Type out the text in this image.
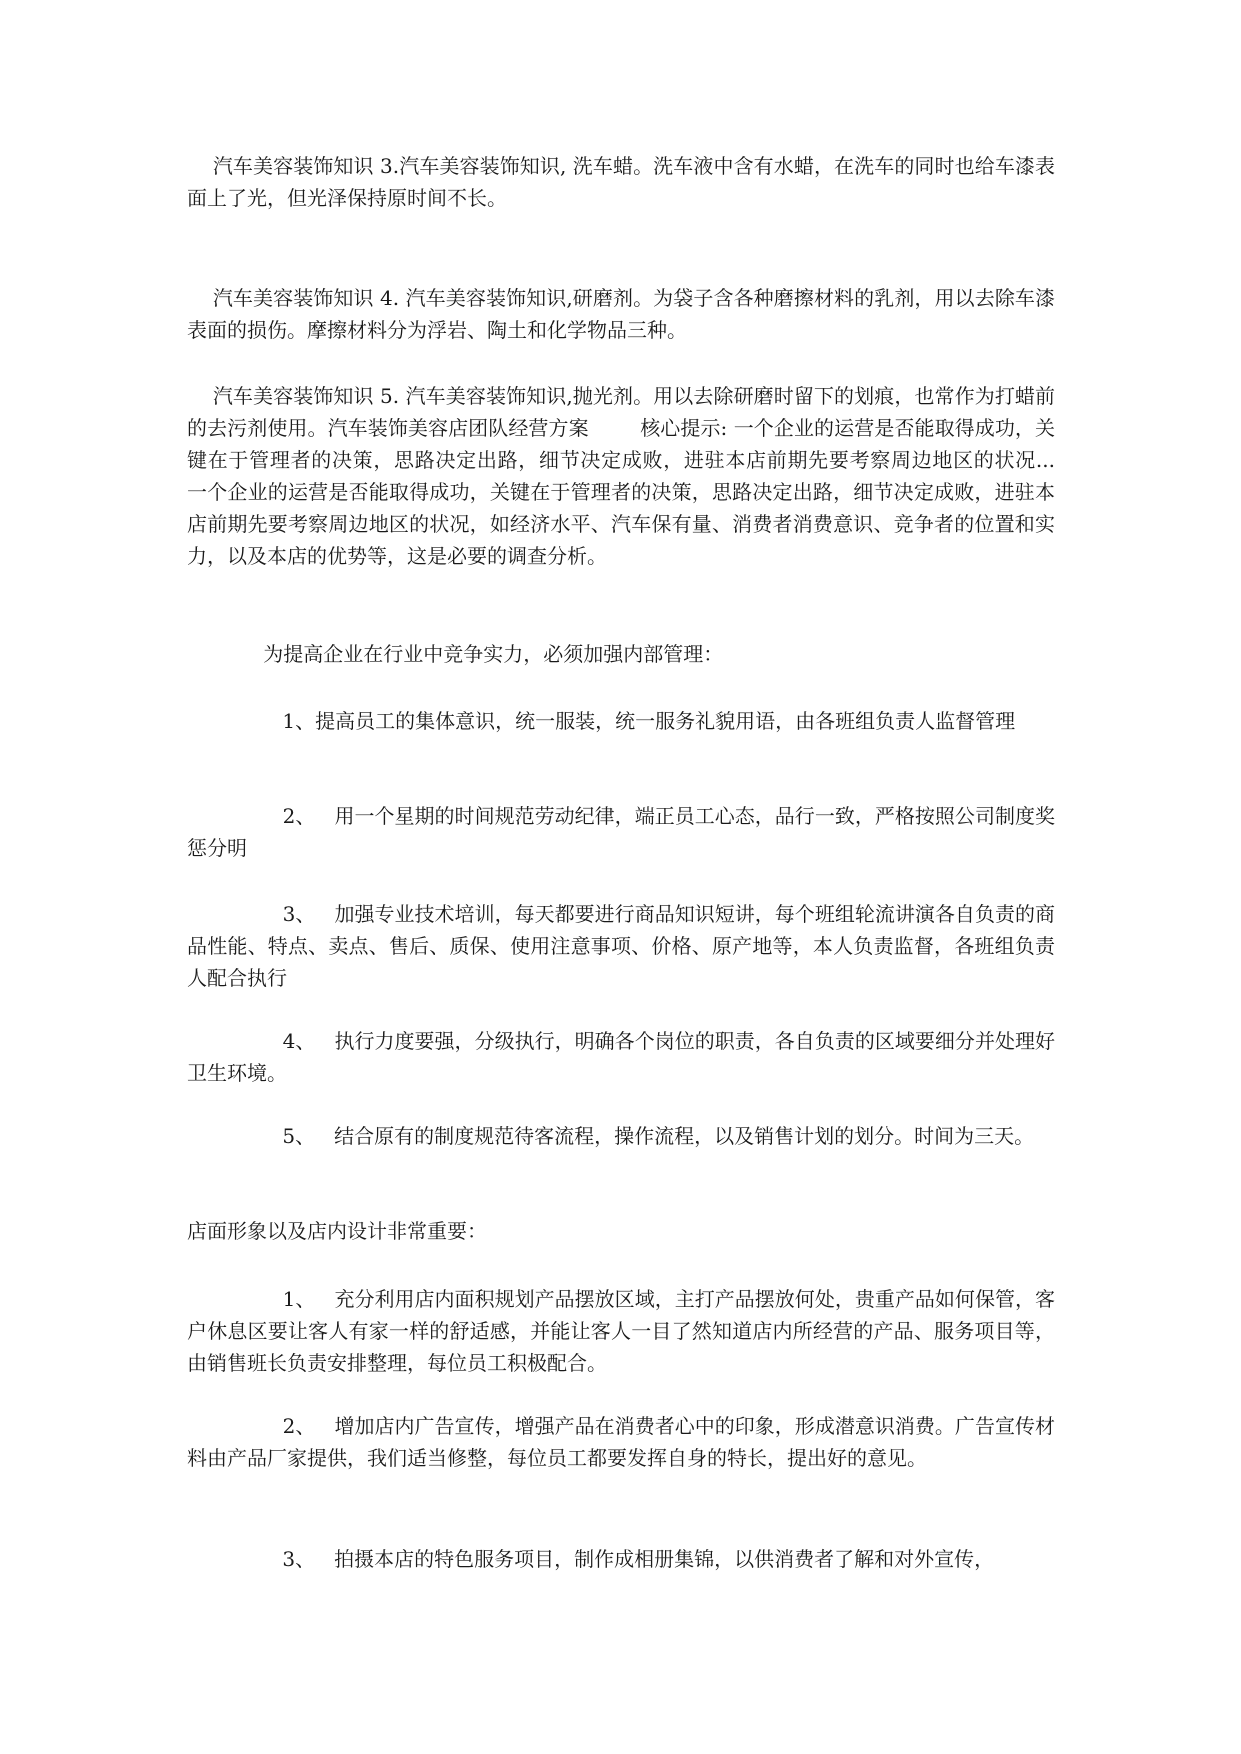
汽车美容装饰知识 3.汽车美容装饰知识, 洗车蜡。洗车液中含有水蜡，在洗车的同时也给车漆表面上了光，但光泽保持原时间不长。

汽车美容装饰知识 4. 汽车美容装饰知识,研磨剂。为袋子含各种磨擦材料的乳剂，用以去除车漆表面的损伤。摩擦材料分为浮岩、陶土和化学物品三种。

汽车美容装饰知识 5. 汽车美容装饰知识,抛光剂。用以去除研磨时留下的划痕，也常作为打蜡前的去污剂使用。汽车装饰美容店团队经营方案        核心提示: 一个企业的运营是否能取得成功，关键在于管理者的决策，思路决定出路，细节决定成败，进驻本店前期先要考察周边地区的状况...                一个企业的运营是否能取得成功，关键在于管理者的决策，思路决定出路，细节决定成败，进驻本店前期先要考察周边地区的状况，如经济水平、汽车保有量、消费者消费意识、竞争者的位置和实力，以及本店的优势等，这是必要的调查分析。

为提高企业在行业中竞争实力，必须加强内部管理：

1、提高员工的集体意识，统一服装，统一服务礼貌用语，由各班组负责人监督管理

2、   用一个星期的时间规范劳动纪律，端正员工心态，品行一致，严格按照公司制度奖惩分明

3、   加强专业技术培训，每天都要进行商品知识短讲，每个班组轮流讲演各自负责的商品性能、特点、卖点、售后、质保、使用注意事项、价格、原产地等，本人负责监督，各班组负责人配合执行

4、   执行力度要强，分级执行，明确各个岗位的职责，各自负责的区域要细分并处理好卫生环境。

5、   结合原有的制度规范待客流程，操作流程，以及销售计划的划分。时间为三天。

店面形象以及店内设计非常重要：

1、   充分利用店内面积规划产品摆放区域，主打产品摆放何处，贵重产品如何保管，客户休息区要让客人有家一样的舒适感，并能让客人一目了然知道店内所经营的产品、服务项目等，由销售班长负责安排整理，每位员工积极配合。

2、   增加店内广告宣传，增强产品在消费者心中的印象，形成潜意识消费。广告宣传材料由产品厂家提供，我们适当修整，每位员工都要发挥自身的特长，提出好的意见。

3、   拍摄本店的特色服务项目，制作成相册集锦，以供消费者了解和对外宣传，
